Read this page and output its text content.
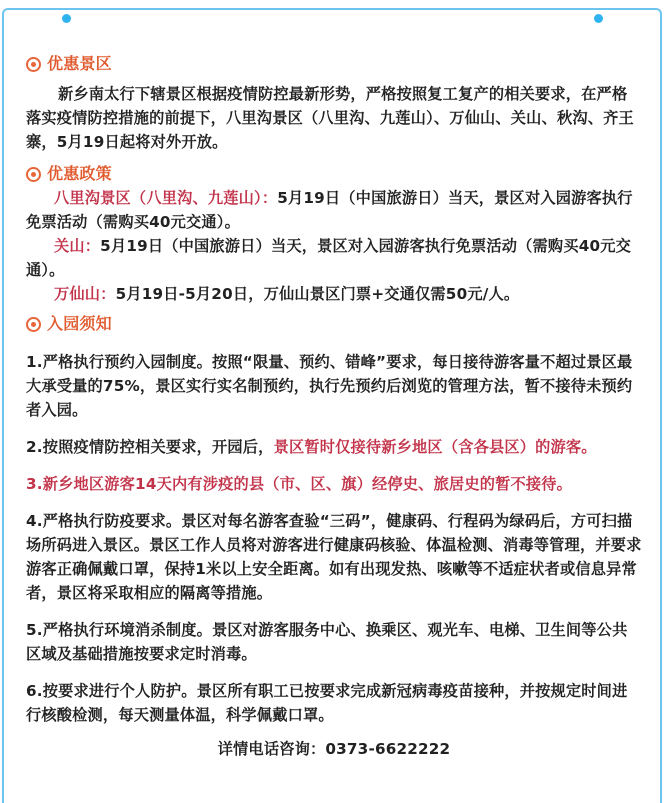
优惠景区

新乡南太行下辖景区根据疫情防控最新形势，严格按照复工复产的相关要求，在严格落实疫情防控措施的前提下，八里沟景区（八里沟、九莲山）、万仙山、关山、秋沟、齐王寨，5月19日起将对外开放。

优惠政策

八里沟景区（八里沟、九莲山）：5月19日（中国旅游日）当天，景区对入园游客执行免票活动（需购买40元交通）。

关山：5月19日（中国旅游日）当天，景区对入园游客执行免票活动（需购买40元交通）。

万仙山：5月19日-5月20日，万仙山景区门票+交通仅需50元/人。

入园须知

1.严格执行预约入园制度。按照“限量、预约、错峰”要求，每日接待游客量不超过景区最大承受量的75%，景区实行实名制预约，执行先预约后浏览的管理方法，暂不接待未预约者入园。

2.按照疫情防控相关要求，开园后，景区暂时仅接待新乡地区（含各县区）的游客。

3.新乡地区游客14天内有涉疫的县（市、区、旗）经停史、旅居史的暂不接待。

4.严格执行防疫要求。景区对每名游客查验“三码”，健康码、行程码为绿码后，方可扫描场所码进入景区。景区工作人员将对游客进行健康码核验、体温检测、消毒等管理，并要求游客正确佩戴口罩，保持1米以上安全距离。如有出现发热、咳嗽等不适症状者或信息异常者，景区将采取相应的隔离等措施。

5.严格执行环境消杀制度。景区对游客服务中心、换乘区、观光车、电梯、卫生间等公共区域及基础措施按要求定时消毒。

6.按要求进行个人防护。景区所有职工已按要求完成新冠病毒疫苗接种，并按规定时间进行核酸检测，每天测量体温，科学佩戴口罩。

详情电话咨询：0373-6622222
